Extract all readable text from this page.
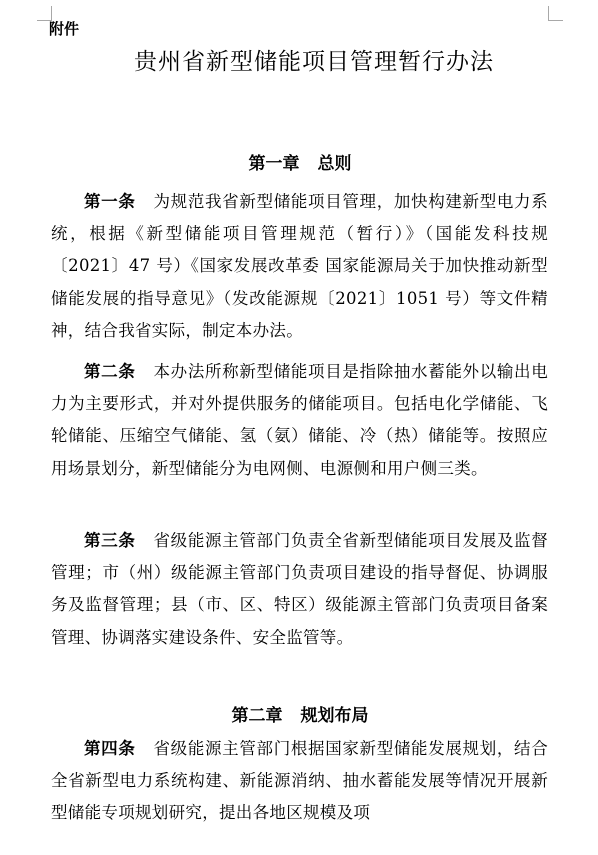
附件
贵州省新型储能项目管理暂行办法
第一章 总则
第一条 为规范我省新型储能项目管理，加快构建新型电力系统，根据《新型储能项目管理规范（暂行）》（国能发科技规〔2021〕47 号）《国家发展改革委 国家能源局关于加快推动新型储能发展的指导意见》（发改能源规〔2021〕1051 号）等文件精神，结合我省实际，制定本办法。
第二条 本办法所称新型储能项目是指除抽水蓄能外以输出电力为主要形式，并对外提供服务的储能项目。包括电化学储能、飞轮储能、压缩空气储能、氢（氨）储能、冷（热）储能等。按照应用场景划分，新型储能分为电网侧、电源侧和用户侧三类。
第三条 省级能源主管部门负责全省新型储能项目发展及监督管理；市（州）级能源主管部门负责项目建设的指导督促、协调服务及监督管理；县（市、区、特区）级能源主管部门负责项目备案管理、协调落实建设条件、安全监管等。
第二章 规划布局
第四条 省级能源主管部门根据国家新型储能发展规划，结合全省新型电力系统构建、新能源消纳、抽水蓄能发展等情况开展新型储能专项规划研究，提出各地区规模及项
